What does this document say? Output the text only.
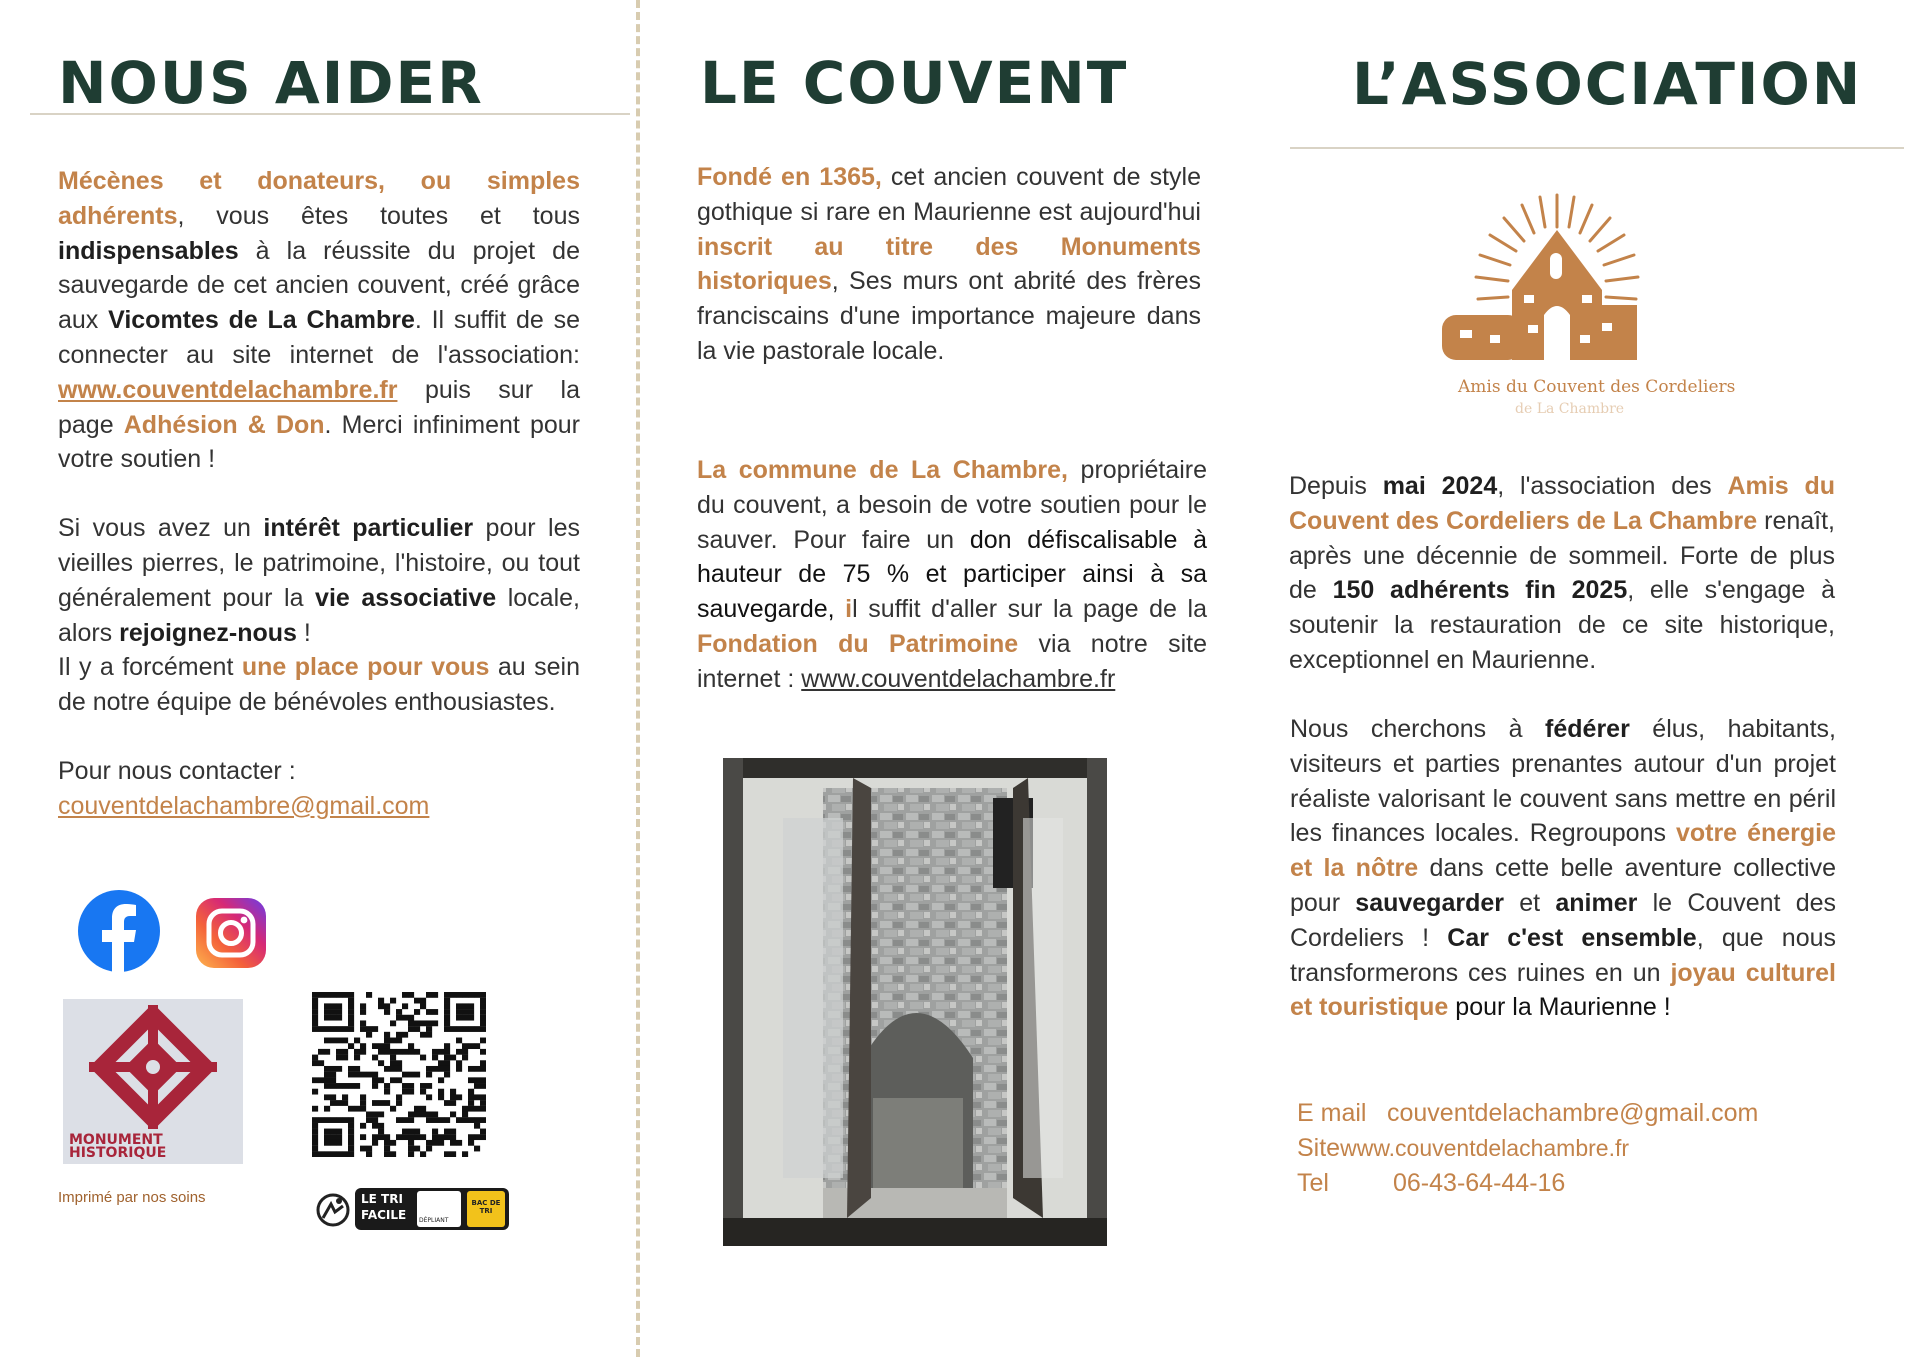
NOUS AIDER

Mécènes et donateurs, ou simples adhérents, vous êtes toutes et tous indispensables à la réussite du projet de sauvegarde de cet ancien couvent, créé grâce aux Vicomtes de La Chambre. Il suffit de se connecter au site internet de l'association: www.couventdelachambre.fr puis sur la page Adhésion & Don. Merci infiniment pour votre soutien !

Si vous avez un intérêt particulier pour les vieilles pierres, le patrimoine, l'histoire, ou tout généralement pour la vie associative locale, alors rejoignez-nous !

Il y a forcément une place pour vous au sein de notre équipe de bénévoles enthousiastes.

Pour nous contacter :

couventdelachambre@gmail.com

MONUMENT
HISTORIQUE
Imprimé par nos soins	LE TRI
FACILE DÉPLIANT
BAC DE TRI
LE COUVENT

Fondé en 1365, cet ancien couvent de style gothique si rare en Maurienne est aujourd'hui inscrit au titre des Monuments historiques, Ses murs ont abrité des frères franciscains d'une importance majeure dans la vie pastorale locale.

La commune de La Chambre, propriétaire du couvent, a besoin de votre soutien pour le sauver. Pour faire un don défiscalisable à hauteur de 75 % et participer ainsi à sa sauvegarde, il suffit d'aller sur la page de la Fondation du Patrimoine via notre site internet : www.couventdelachambre.fr

L’ASSOCIATION
Amis du Couvent des Cordeliers
de La Chambre

Depuis mai 2024, l'association des Amis du Couvent des Cordeliers de La Chambre renaît, après une décennie de sommeil. Forte de plus de 150 adhérents fin 2025, elle s'engage à soutenir la restauration de ce site historique, exceptionnel en Maurienne.

Nous cherchons à fédérer élus, habitants, visiteurs et parties prenantes autour d'un projet réaliste valorisant le couvent sans mettre en péril les finances locales. Regroupons votre énergie et la nôtre dans cette belle aventure collective pour sauvegarder et animer le Couvent des Cordeliers ! Car c'est ensemble, que nous transformerons ces ruines en un joyau culturel et touristique pour la Maurienne !

E mail couventdelachambre@gmail.com
Sitewww.couventdelachambre.fr
Tel	06-43-64-44-16
